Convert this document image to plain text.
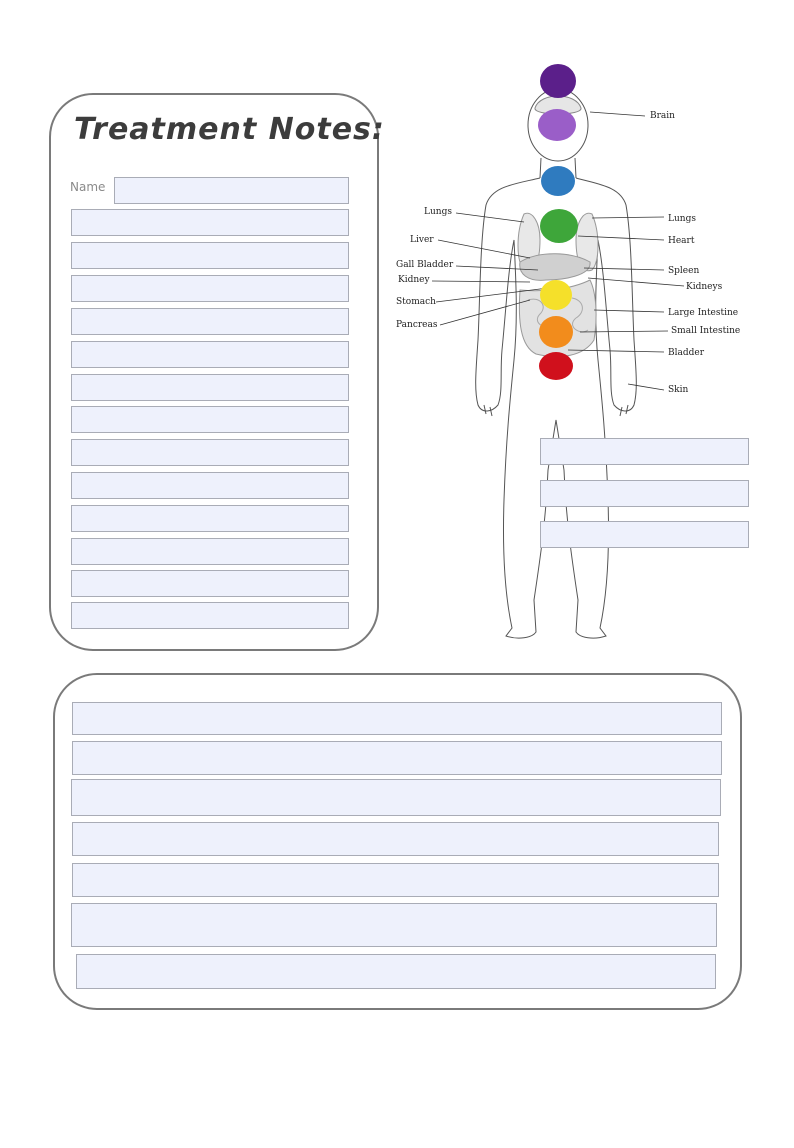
Treatment Notes:
Name
Brain
Lungs
Liver
Gall Bladder
Kidney
Stomach
Pancreas
Lungs
Heart
Spleen
Kidneys
Large Intestine
Small Intestine
Bladder
Skin
